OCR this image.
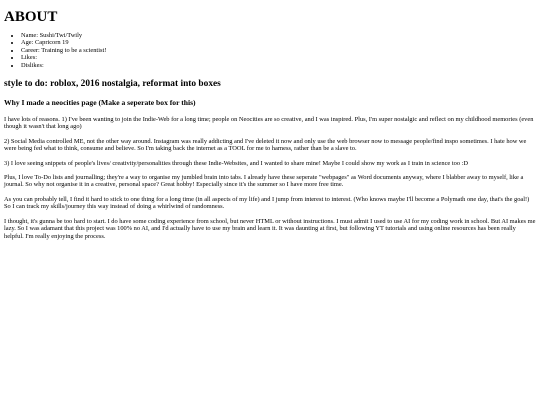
ABOUT
• Name: Sushi/Twi/Twily
• Age: Capricorn 19
• Career: Training to be a scientist!
• Likes:
• Dislikes:
style to do: roblox, 2016 nostalgia, reformat into boxes
Why I made a neocities page (Make a seperate box for this)

I have lots of reasons. 1) I've been wanting to join the Indie-Web for a long time; people on Neocities are so creative, and I was inspired. Plus, I'm super nostalgic and reflect on my childhood memories (even though it wasn't that long ago)

2) Social Media controlled ME, not the other way around. Instagram was really addicting and I've deleted it now and only use the web browser now to message people/find inspo sometimes. I hate how we were being fed what to think, consume and believe. So I'm taking back the internet as a TOOL for me to harness, rather than be a slave to.

3) I love seeing snippets of people's lives/ creativity/personalities through these Indie-Websites, and I wanted to share mine! Maybe I could show my work as I train in science too :D

Plus, I love To-Do lists and journalling; they're a way to organise my jumbled brain into tabs. I already have these seperate "webpages" as Word documents anyway, where I blabber away to myself, like a journal. So why not organise it in a creative, personal space? Great hobby! Especially since it's the summer so I have more free time.

As you can probably tell, I find it hard to stick to one thing for a long time (in all aspects of my life) and I jump from interest to interest. (Who knows maybe I'll become a Polymath one day, that's the goal!) So I can track my skills/journey this way instead of doing a whirlwind of randomness.

I thought, it's gunna be too hard to start. I do have some coding experience from school, but never HTML or without instructions. I must admit I used to use AI for my coding work in school. But AI makes me lazy. So I was adamant that this project was 100% no AI, and I'd actually have to use my brain and learn it. It was daunting at first, but following YT tutorials and using online resources has been really helpful. I'm really enjoying the process.
